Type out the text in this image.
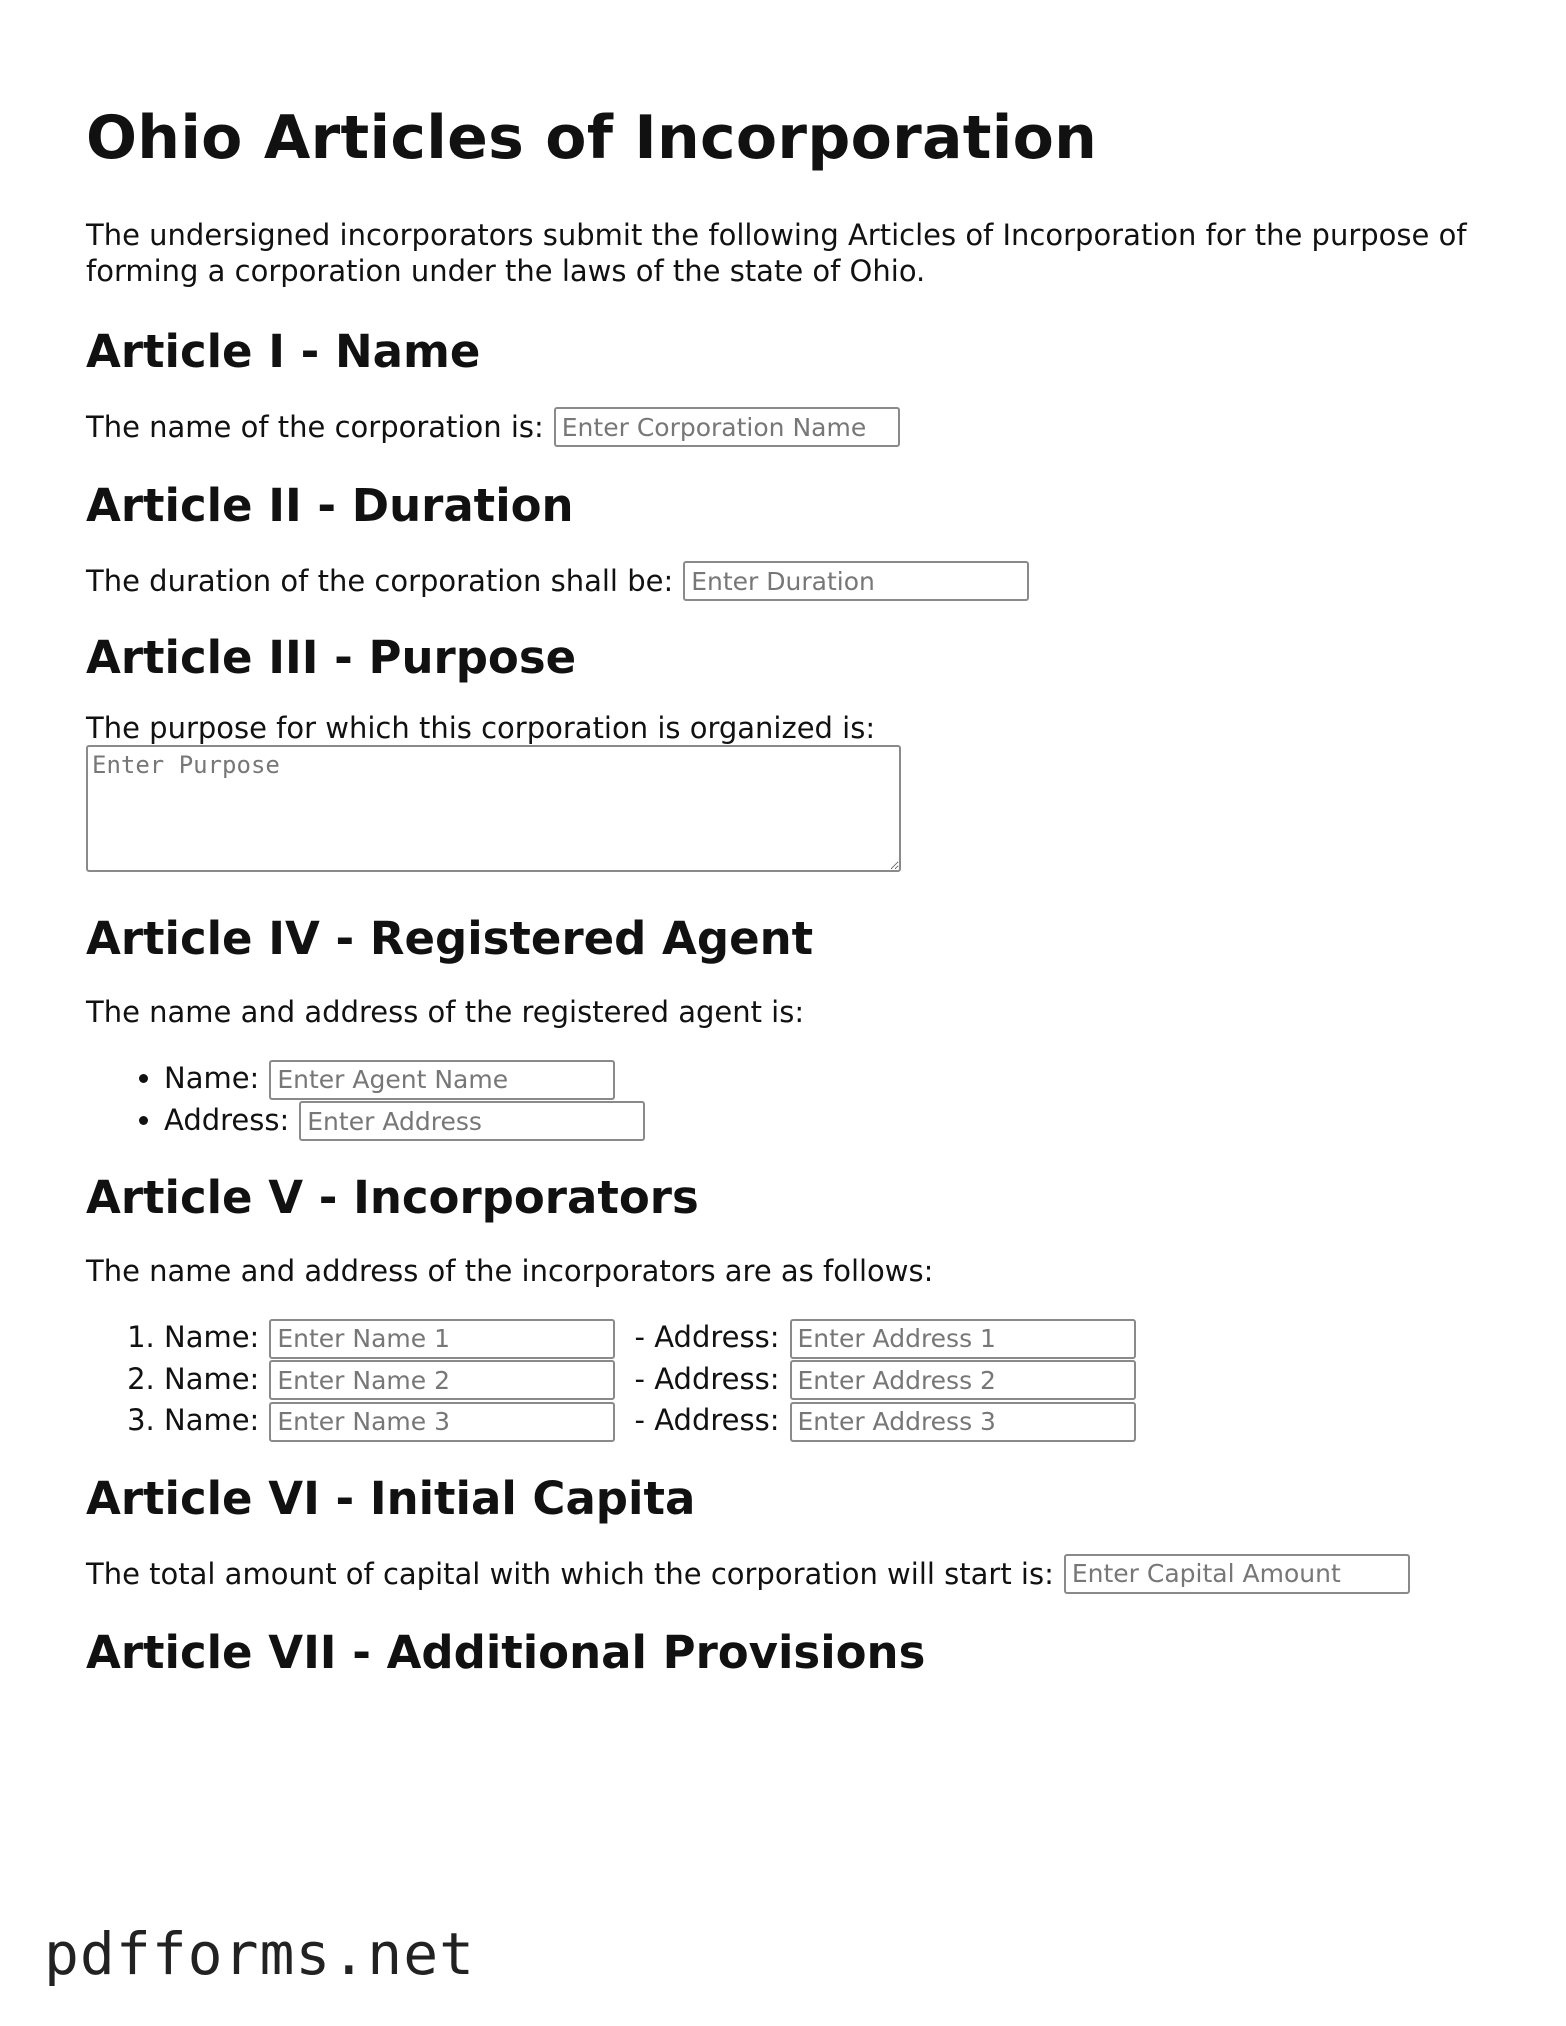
Ohio Articles of Incorporation

The undersigned incorporators submit the following Articles of Incorporation for the purpose of forming a corporation under the laws of the state of Ohio.

Article I - Name
The name of the corporation is:
Enter Corporation Name
Article II - Duration
The duration of the corporation shall be:
Enter Duration
Article III - Purpose

The purpose for which this corporation is organized is:

Enter Purpose
Article IV - Registered Agent

The name and address of the registered agent is:

• Name:Enter Agent Name
• Address:Enter Address
Article V - Incorporators

The name and address of the incorporators are as follows:

1. Name:Enter Name 1	- Address:Enter Address 1
2. Name:Enter Name 2	- Address:Enter Address 2
3. Name:Enter Name 3	- Address:Enter Address 3
Article VI - Initial Capita
The total amount of capital with which the corporation will start is:
Enter Capital Amount
Article VII - Additional Provisions
pdfforms.net
